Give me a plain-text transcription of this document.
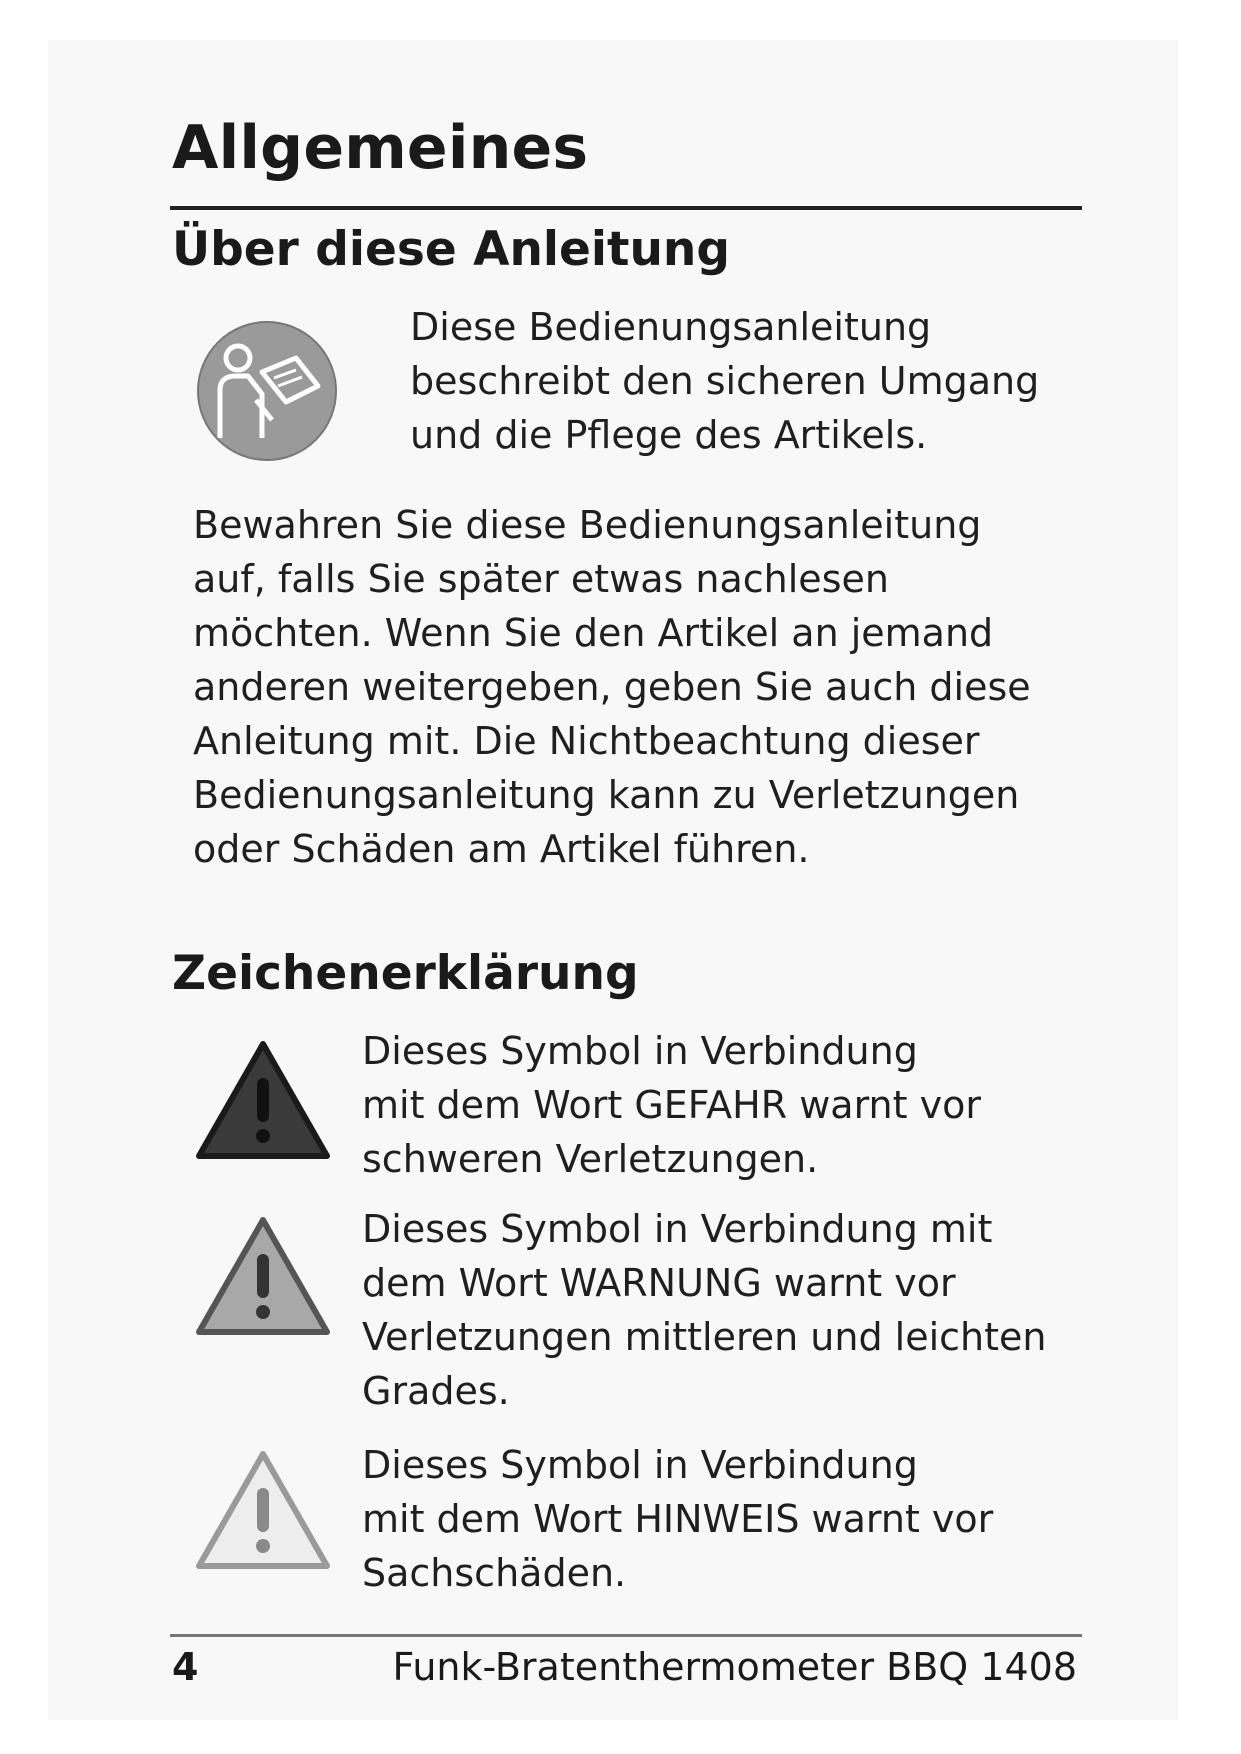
Allgemeines
Über diese Anleitung
Diese Bedienungsanleitung
beschreibt den sicheren Umgang
und die Pflege des Artikels.
Bewahren Sie diese Bedienungsanleitung
auf, falls Sie später etwas nachlesen
möchten. Wenn Sie den Artikel an jemand
anderen weitergeben, geben Sie auch diese
Anleitung mit. Die Nichtbeachtung dieser
Bedienungsanleitung kann zu Verletzungen
oder Schäden am Artikel führen.
Zeichenerklärung
Dieses Symbol in Verbindung
mit dem Wort GEFAHR warnt vor
schweren Verletzungen.
Dieses Symbol in Verbindung mit
dem Wort WARNUNG warnt vor
Verletzungen mittleren und leichten
Grades.
Dieses Symbol in Verbindung
mit dem Wort HINWEIS warnt vor
Sachschäden.
4	Funk-Bratenthermometer BBQ 1408
